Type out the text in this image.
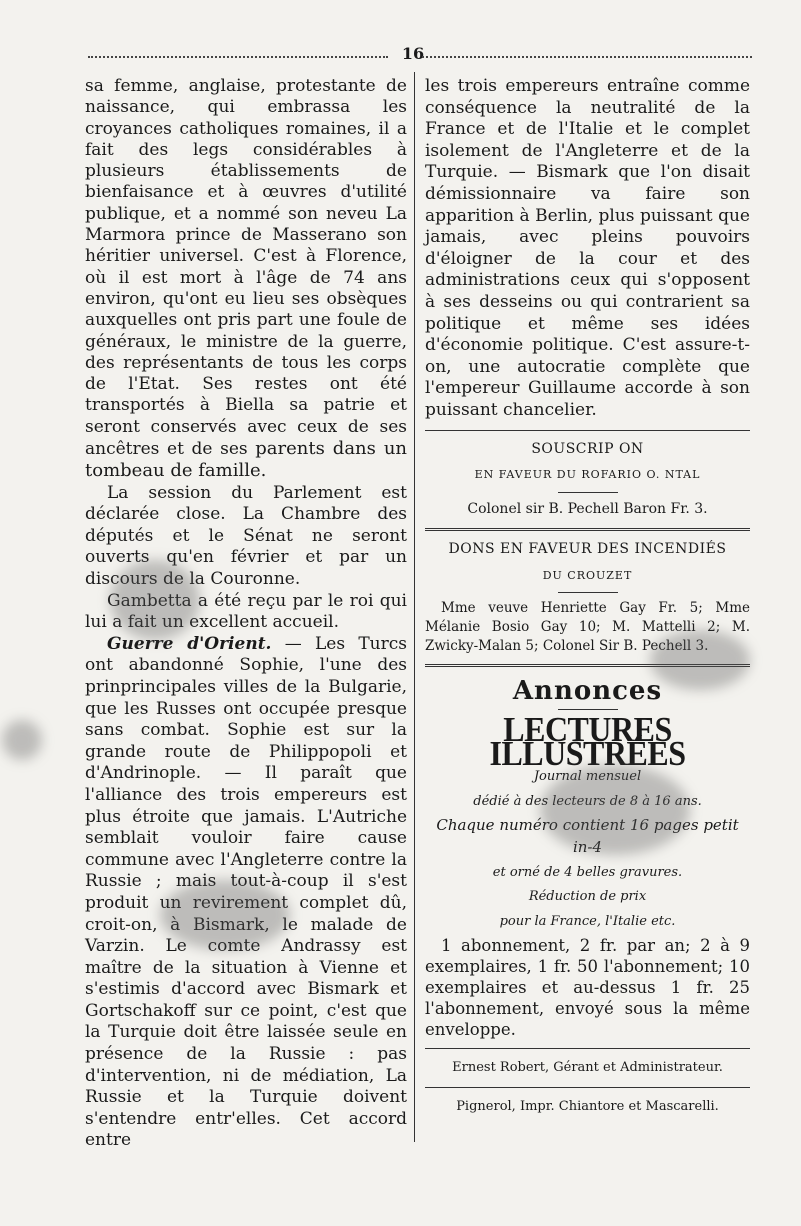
16

sa femme, anglaise, protestante de naissance, qui embrassa les croyances catholiques romaines, il a fait des legs considérables à plusieurs établissements de bienfaisance et à œuvres d'utilité publique, et a nommé son neveu La Marmora prince de Masserano son héritier universel. C'est à Florence, où il est mort à l'âge de 74 ans environ, qu'ont eu lieu ses obsèques auxquelles ont pris part une foule de généraux, le ministre de la guerre, des représentants de tous les corps de l'Etat. Ses restes ont été transportés à Biella sa patrie et seront conservés avec ceux de ses ancêtres et de ses parents dans un tombeau de famille.

La session du Parlement est déclarée close. La Chambre des députés et le Sénat ne seront ouverts qu'en février et par un discours de la Couronne.

Gambetta a été reçu par le roi qui lui a fait un excellent accueil.

Guerre d'Orient. — Les Turcs ont abandonné Sophie, l'une des prinprincipales villes de la Bulgarie, que les Russes ont occupée presque sans combat. Sophie est sur la grande route de Philippopoli et d'Andrinople. — Il paraît que l'alliance des trois empereurs est plus étroite que jamais. L'Autriche semblait vouloir faire cause commune avec l'Angleterre contre la Russie ; mais tout-à-coup il s'est produit un revirement complet dû, croit-on, à Bismark, le malade de Varzin. Le comte Andrassy est maître de la situation à Vienne et s'estimis d'accord avec Bismark et Gortschakoff sur ce point, c'est que la Turquie doit être laissée seule en présence de la Russie : pas d'intervention, ni de médiation, La Russie et la Turquie doivent s'entendre entr'elles. Cet accord entre

les trois empereurs entraîne comme conséquence la neutralité de la France et de l'Italie et le complet isolement de l'Angleterre et de la Turquie. — Bismark que l'on disait démissionnaire va faire son apparition à Berlin, plus puissant que jamais, avec pleins pouvoirs d'éloigner de la cour et des administrations ceux qui s'opposent à ses desseins ou qui contrarient sa politique et même ses idées d'économie politique. C'est assure-t-on, une autocratie complète que l'empereur Guillaume accorde à son puissant chancelier.

SOUSCRIP ON
EN FAVEUR DU ROFARIO O. NTAL
Colonel sir B. Pechell Baron Fr. 3.
DONS EN FAVEUR DES INCENDIÉS
DU CROUZET

Mme veuve Henriette Gay Fr. 5; Mme Mélanie Bosio Gay 10; M. Mattelli 2; M. Zwicky-Malan 5; Colonel Sir B. Pechell 3.

Annonces
LECTURES ILLUSTRÉES
Journal mensuel
dédié à des lecteurs de 8 à 16 ans.
Chaque numéro contient 16 pages petit in-4
et orné de 4 belles gravures.
Réduction de prix
pour la France, l'Italie etc.

1 abonnement, 2 fr. par an; 2 à 9 exemplaires, 1 fr. 50 l'abonnement; 10 exemplaires et au-dessus 1 fr. 25 l'abonnement, envoyé sous la même enveloppe.

Ernest Robert, Gérant et Administrateur.
Pignerol, Impr. Chiantore et Mascarelli.
